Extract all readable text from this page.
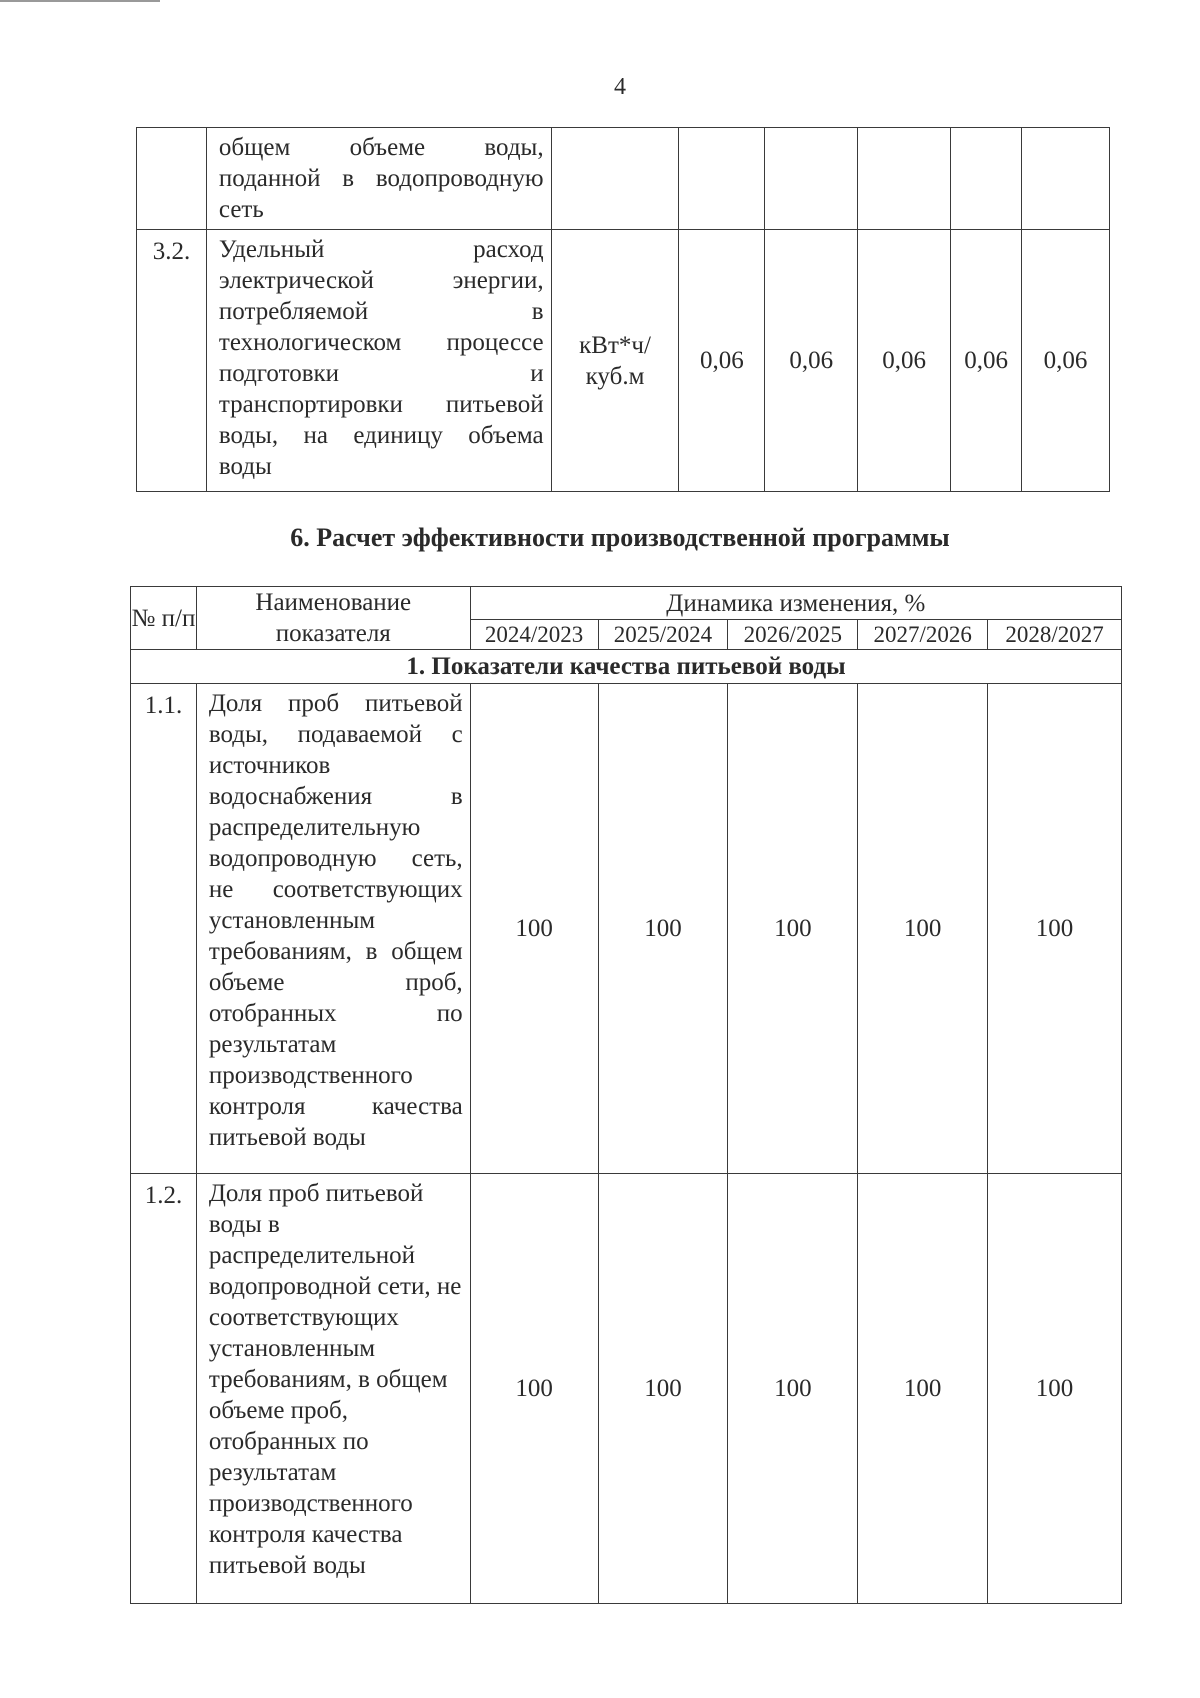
4
	общем объеме воды, поданной в водопроводную сеть						
3.2.	Удельный расход электрической энергии, потребляемой в технологическом процессе подготовки и транспортировки питьевой воды, на единицу объема воды	кВт*ч/ куб.м	0,06	0,06	0,06	0,06	0,06
6. Расчет эффективности производственной программы
№ п/п	Наименование показателя	Динамика изменения, %				
		2024/2023	2025/2024	2026/2025	2027/2026	2028/2027
1. Показатели качества питьевой воды						
1.1.	Доля проб питьевой воды, подаваемой с источников водоснабжения в распределительную водопроводную сеть, не соответствующих установленным требованиям, в общем объеме проб, отобранных по результатам производственного контроля качества питьевой воды	100	100	100	100	100
1.2.	Доля проб питьевой воды в распределительной водопроводной сети, не соответствующих установленным требованиям, в общем объеме проб, отобранных по результатам производственного контроля качества питьевой воды	100	100	100	100	100
